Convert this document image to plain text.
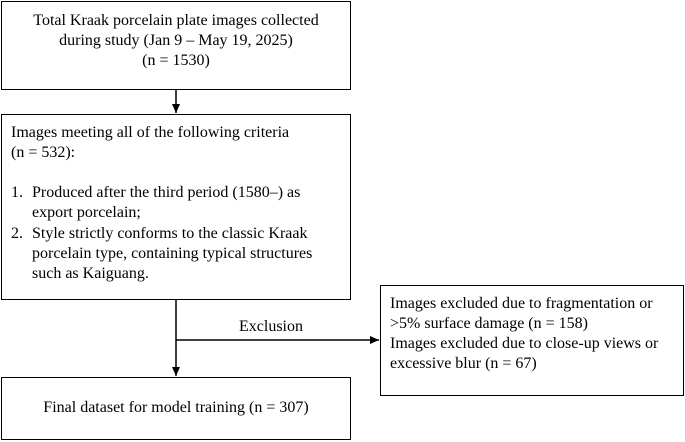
Total Kraak porcelain plate images collected
during study (Jan 9 – May 19, 2025)
(n = 1530)
Images meeting all of the following criteria
(n = 532):
1. Produced after the third period (1580–) as export porcelain;
2. Style strictly conforms to the classic Kraak porcelain type, containing typical structures such as Kaiguang.
Images excluded due to fragmentation or >5% surface damage (n = 158)
Images excluded due to close-up views or excessive blur (n = 67)
Exclusion
Final dataset for model training (n = 307)
